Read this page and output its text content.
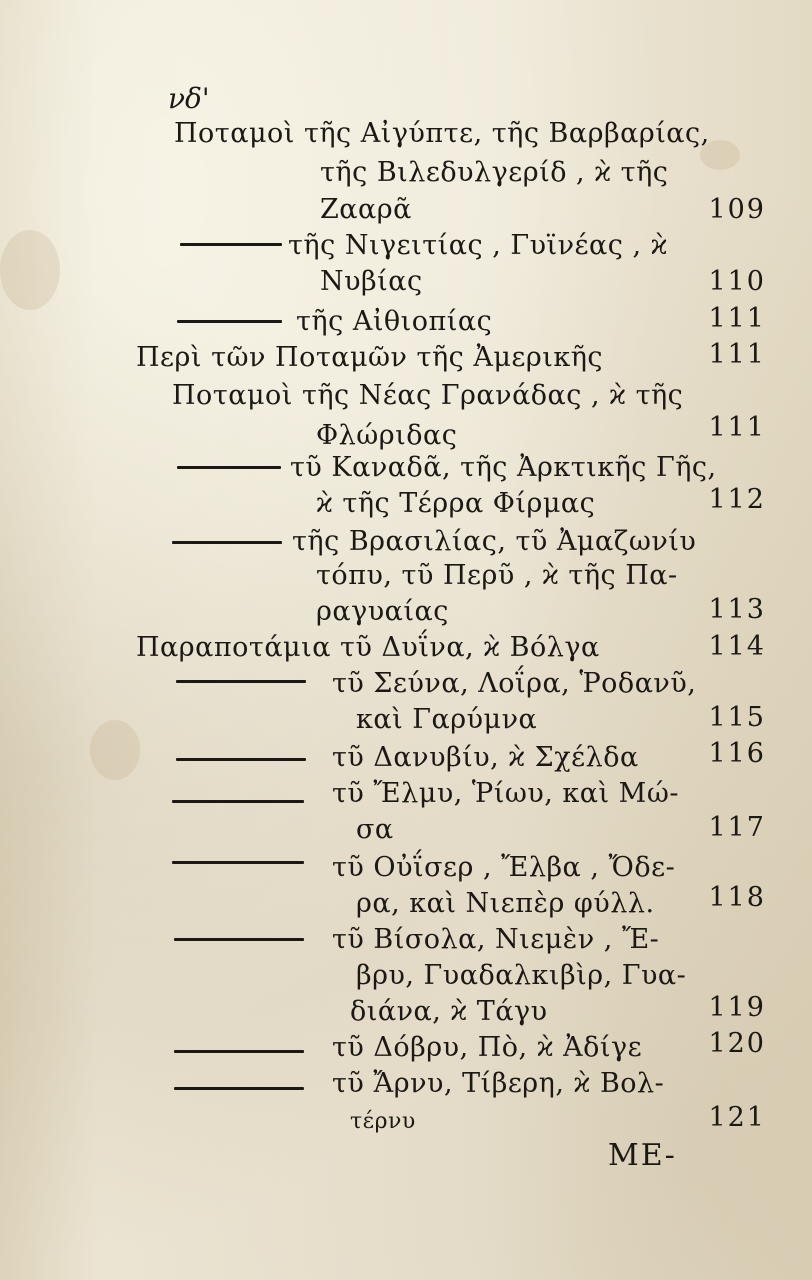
νδ'
Ποταμοὶ τῆς Αἰγύπτε, τῆς Βαρβαρίας,
τῆς Βιλεδυλγερίδ , ϰ̀ τῆς
Ζααρᾶ	109
τῆς Νιγειτίας , Γυϊνέας , ϰ̀
Νυβίας	110
τῆς Αἰθιοπίας	111
Περὶ τῶν Ποταμῶν τῆς Ἀμερικῆς	111
Ποταμοὶ τῆς Νέας Γρανάδας , ϰ̀ τῆς
Φλώριδας	111
τῦ Καναδᾶ, τῆς Ἀρκτικῆς Γῆς,
ϰ̀ τῆς Τέρρα Φίρμας	112
τῆς Βρασιλίας, τῦ Ἀμαζωνίυ
τόπυ, τῦ Περῦ , ϰ̀ τῆς Πα-
ραγυαίας	113
Παραποτάμια τῦ Δυΐνα, ϰ̀ Βόλγα	114
τῦ Σεύνα, Λοΐρα, Ῥοδανῦ,
καὶ Γαρύμνα	115
τῦ Δανυβίυ, ϰ̀ Σχέλδα	116
τῦ Ἔλμυ, Ῥίωυ, καὶ Μώ-
σα	117
τῦ Οὐΐσερ , Ἔλβα , Ὄδε-
ρα, καὶ Νιεπὲρ φύλλ.	118
τῦ Βίσολα, Νιεμὲν , Ἔ-
βρυ, Γυαδαλκιβὶρ, Γυα-
διάνα, ϰ̀ Τάγυ	119
τῦ Δόβρυ, Πὸ, ϰ̀ Ἀδίγε	120
τῦ Ἄρνυ, Τίβερη, ϰ̀ Βολ-
τέρνυ	121
ΜΕ-
